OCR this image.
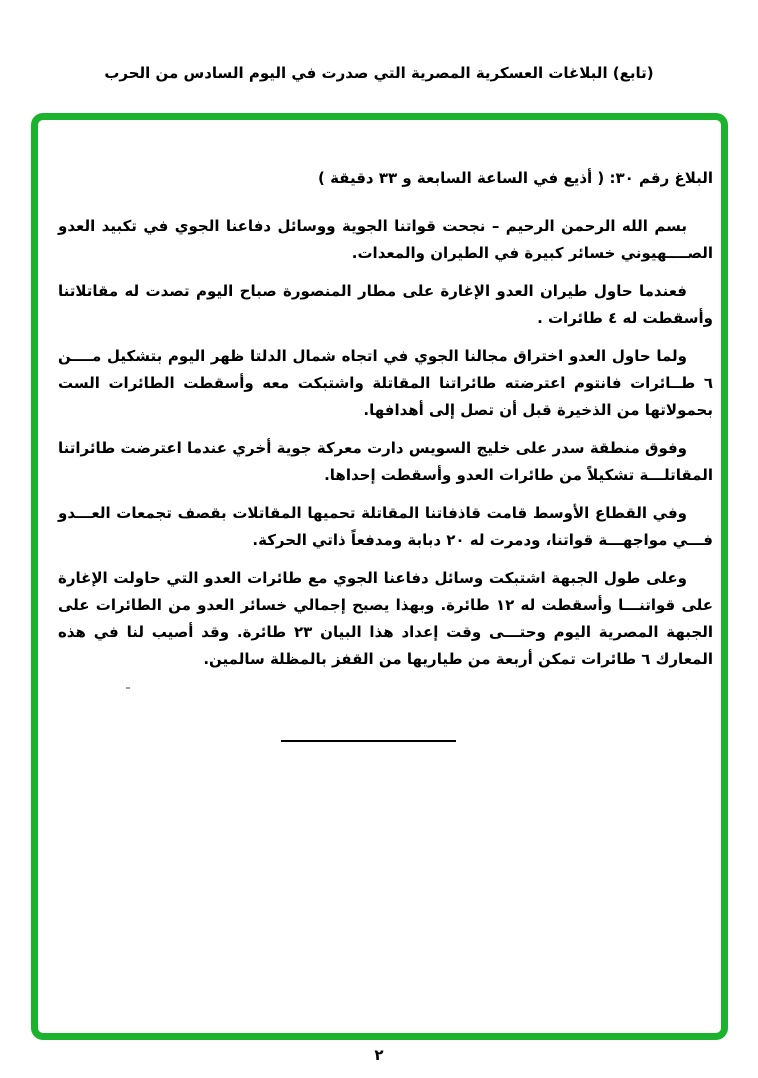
(تابع) البلاغات العسكرية المصرية التي صدرت في اليوم السادس من الحرب

البلاغ رقم ٣٠: ( أذيع في الساعة السابعة و ٣٣ دقيقة )

بسم الله الرحمن الرحيم – نجحت قواتنا الجوية ووسائل دفاعنا الجوي في تكبيد العدو الصــــهيوني خسائر كبيرة في الطيران والمعدات.

فعندما حاول طيران العدو الإغارة على مطار المنصورة صباح اليوم تصدت له مقاتلاتنا وأسقطت له ٤ طائرات .

ولما حاول العدو اختراق مجالنا الجوي في اتجاه شمال الدلتا ظهر اليوم بتشكيل مــــن ٦ طــائرات فانتوم اعترضته طائراتنا المقاتلة واشتبكت معه وأسقطت الطائرات الست بحمولاتها من الذخيرة قبل أن تصل إلى أهدافها.

وفوق منطقة سدر على خليج السويس دارت معركة جوية أخري عندما اعترضت طائراتنا المقاتلـــة تشكيلاً من طائرات العدو وأسقطت إحداها.

وفي القطاع الأوسط قامت قاذفاتنا المقاتلة تحميها المقاتلات بقصف تجمعات العـــدو فـــي مواجهـــة قواتنا، ودمرت له ٢٠ دبابة ومدفعاً ذاتي الحركة.

وعلى طول الجبهة اشتبكت وسائل دفاعنا الجوي مع طائرات العدو التي حاولت الإغارة على قواتنـــا وأسقطت له ١٢ طائرة. وبهذا يصبح إجمالي خسائر العدو من الطائرات على الجبهة المصرية اليوم وحتـــى وقت إعداد هذا البيان ٢٣ طائرة. وقد أصيب لنا في هذه المعارك ٦ طائرات تمكن أربعة من طياريها من القفز بالمظلة سالمين.

٢
